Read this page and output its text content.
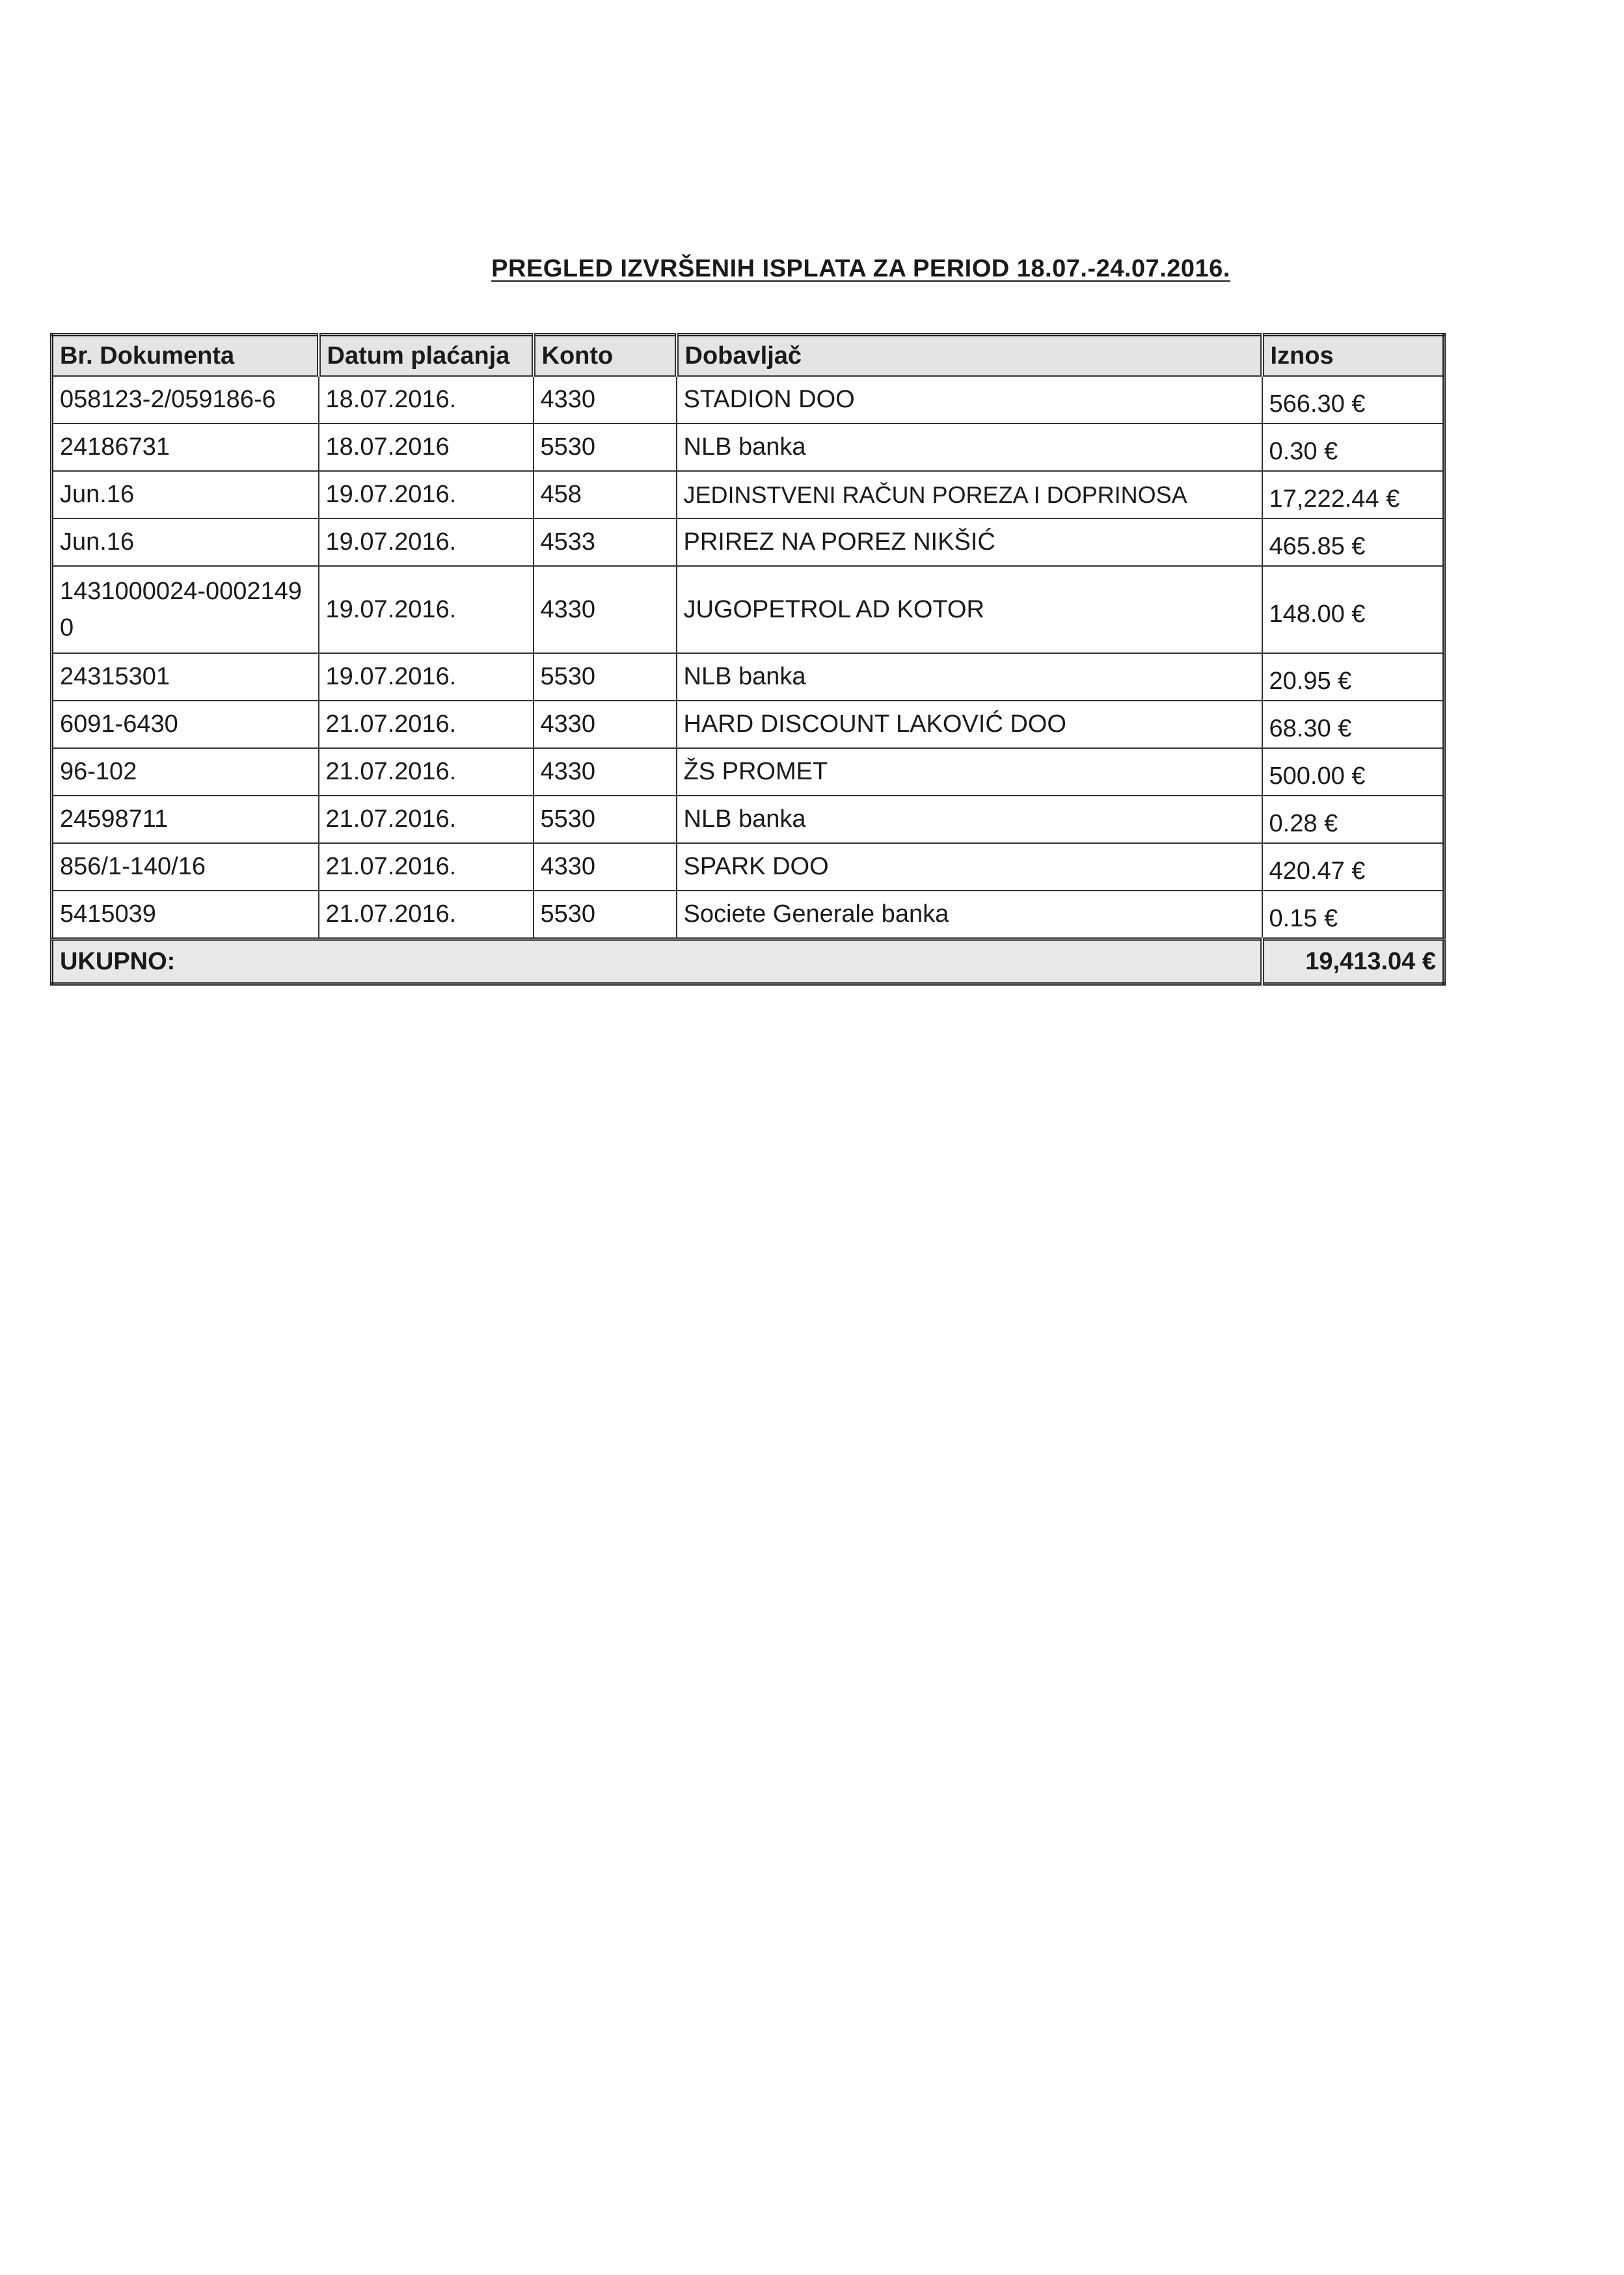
PREGLED IZVRŠENIH ISPLATA ZA PERIOD 18.07.-24.07.2016.
Br. Dokumenta	Datum plaćanja	Konto	Dobavljač	Iznos
058123-2/059186-6	18.07.2016.	4330	STADION DOO	566.30 €
24186731	18.07.2016	5530	NLB banka	0.30 €
Jun.16	19.07.2016.	458	JEDINSTVENI RAČUN POREZA I DOPRINOSA	17,222.44 €
Jun.16	19.07.2016.	4533	PRIREZ NA POREZ NIKŠIĆ	465.85 €
1431000024-00021490	19.07.2016.	4330	JUGOPETROL AD KOTOR	148.00 €
24315301	19.07.2016.	5530	NLB banka	20.95 €
6091-6430	21.07.2016.	4330	HARD DISCOUNT LAKOVIĆ DOO	68.30 €
96-102	21.07.2016.	4330	ŽS PROMET	500.00 €
24598711	21.07.2016.	5530	NLB banka	0.28 €
856/1-140/16	21.07.2016.	4330	SPARK DOO	420.47 €
5415039	21.07.2016.	5530	Societe Generale banka	0.15 €
UKUPNO:				19,413.04 €
